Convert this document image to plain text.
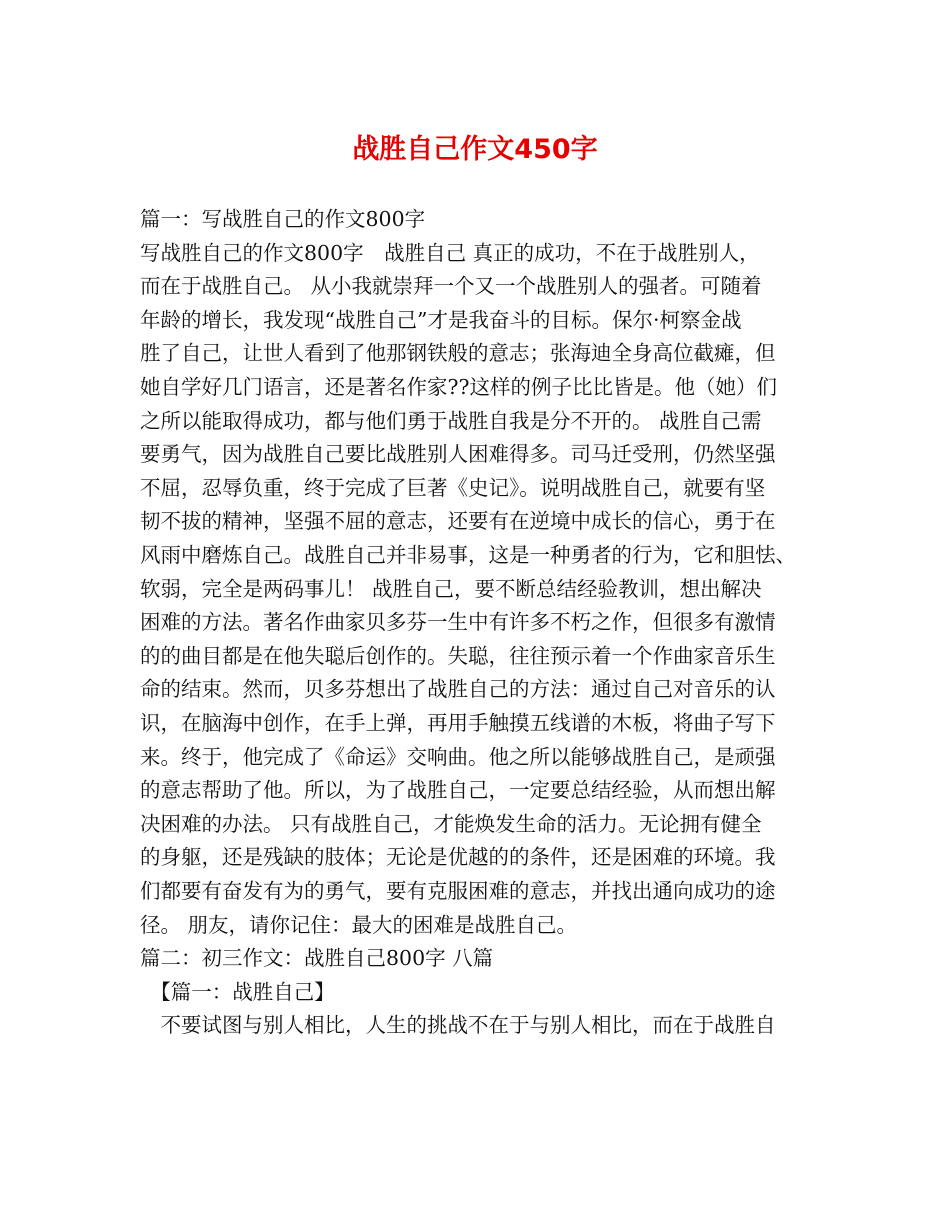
战胜自己作文450字
篇一：写战胜自己的作文800字
写战胜自己的作文800字　战胜自己 真正的成功，不在于战胜别人，
而在于战胜自己。 从小我就崇拜一个又一个战胜别人的强者。可随着
年龄的增长，我发现“战胜自己”才是我奋斗的目标。保尔·柯察金战
胜了自己，让世人看到了他那钢铁般的意志；张海迪全身高位截瘫，但
她自学好几门语言，还是著名作家??这样的例子比比皆是。他（她）们
之所以能取得成功，都与他们勇于战胜自我是分不开的。 战胜自己需
要勇气，因为战胜自己要比战胜别人困难得多。司马迁受刑，仍然坚强
不屈，忍辱负重，终于完成了巨著《史记》。说明战胜自己，就要有坚
韧不拔的精神，坚强不屈的意志，还要有在逆境中成长的信心，勇于在
风雨中磨炼自己。战胜自己并非易事，这是一种勇者的行为，它和胆怯、
软弱，完全是两码事儿！ 战胜自己，要不断总结经验教训，想出解决
困难的方法。著名作曲家贝多芬一生中有许多不朽之作，但很多有激情
的的曲目都是在他失聪后创作的。失聪，往往预示着一个作曲家音乐生
命的结束。然而，贝多芬想出了战胜自己的方法：通过自己对音乐的认
识，在脑海中创作，在手上弹，再用手触摸五线谱的木板，将曲子写下
来。终于，他完成了《命运》交响曲。他之所以能够战胜自己，是顽强
的意志帮助了他。所以，为了战胜自己，一定要总结经验，从而想出解
决困难的办法。 只有战胜自己，才能焕发生命的活力。无论拥有健全
的身躯，还是残缺的肢体；无论是优越的的条件，还是困难的环境。我
们都要有奋发有为的勇气，要有克服困难的意志，并找出通向成功的途
径。 朋友，请你记住：最大的困难是战胜自己。
篇二：初三作文：战胜自己800字 八篇
　【篇一：战胜自己】
　不要试图与别人相比，人生的挑战不在于与别人相比，而在于战胜自
